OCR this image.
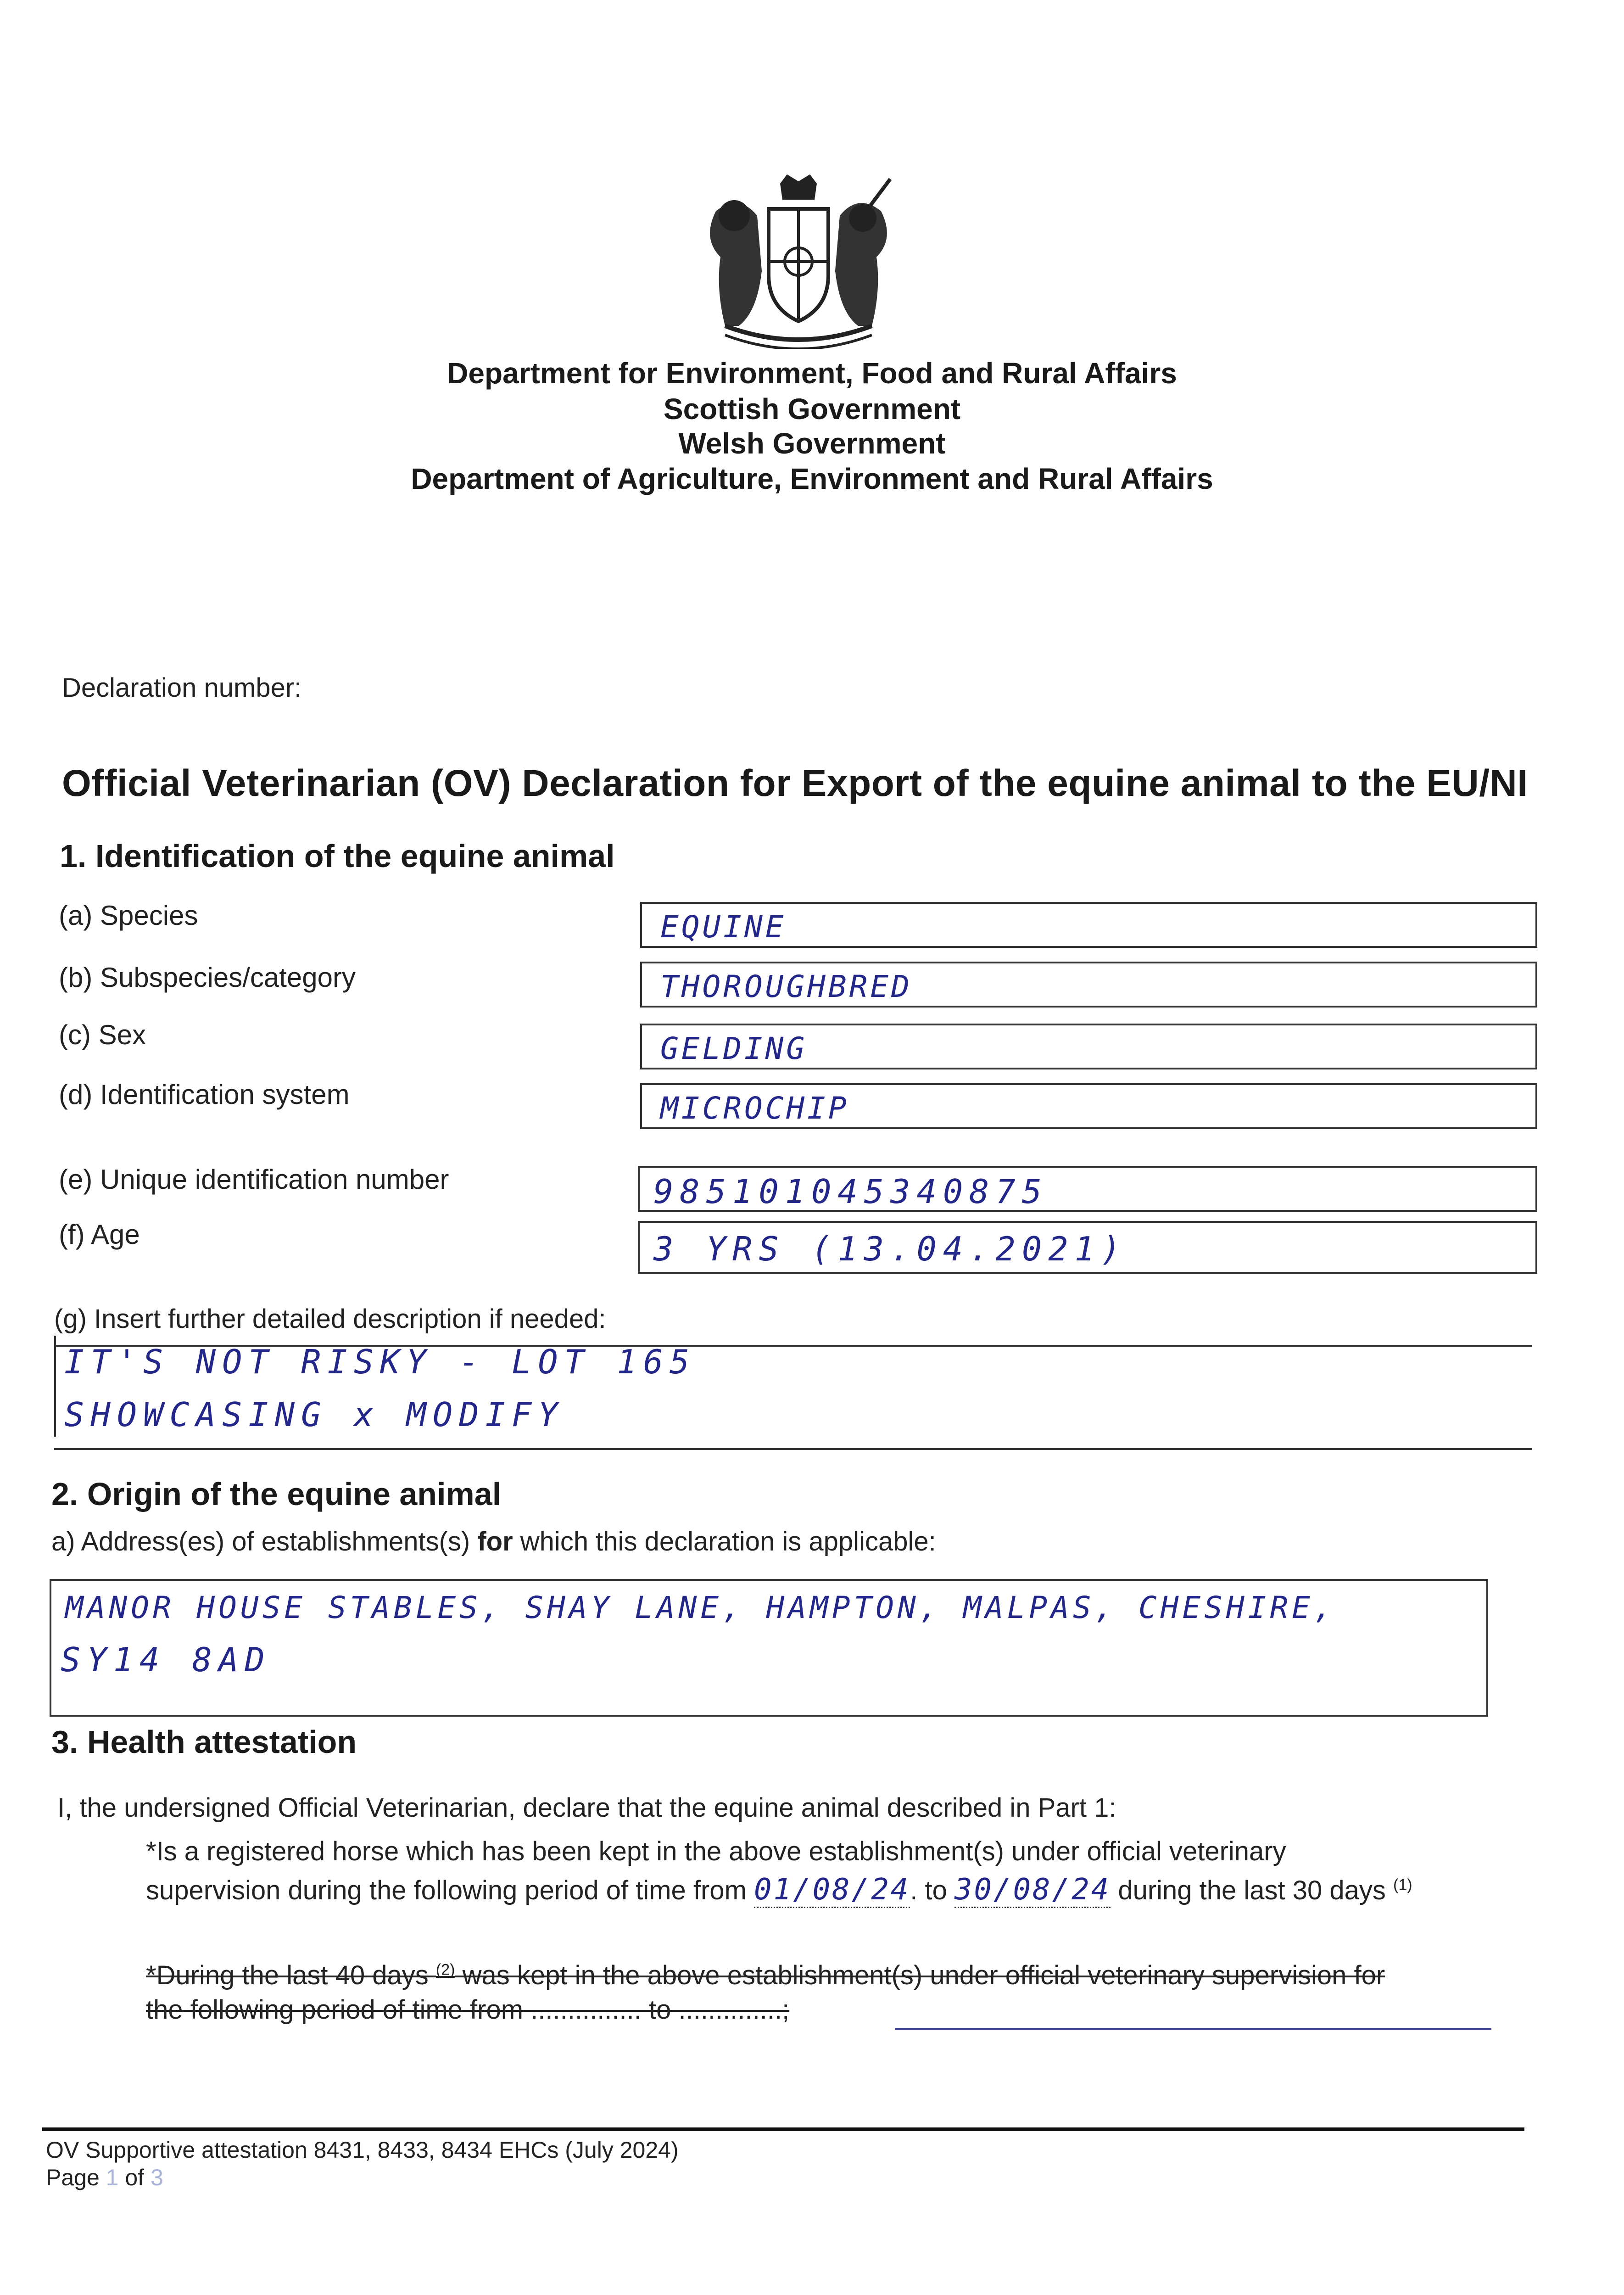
Department for Environment, Food and Rural Affairs
Scottish Government
Welsh Government
Department of Agriculture, Environment and Rural Affairs
Declaration number:
Official Veterinarian (OV) Declaration for Export of the equine animal to the EU/NI
1. Identification of the equine animal
(a) Species	EQUINE
(b) Subspecies/category	THOROUGHBRED
(c) Sex	GELDING
(d) Identification system	MICROCHIP
(e) Unique identification number	985101045340875
(f) Age	3 YRS (13.04.2021)
(g) Insert further detailed description if needed:
IT'S NOT RISKY - LOT 165
SHOWCASING x MODIFY
2. Origin of the equine animal
a) Address(es) of establishments(s) for which this declaration is applicable:
MANOR HOUSE STABLES, SHAY LANE, HAMPTON, MALPAS, CHESHIRE,
SY14 8AD
3. Health attestation
I, the undersigned Official Veterinarian, declare that the equine animal described in Part 1:
*Is a registered horse which has been kept in the above establishment(s) under official veterinary
supervision during the following period of time from 01/08/24. to 30/08/24 during the last 30 days $^{(1)}$
*During the last 40 days $^{(2)}$ was kept in the above establishment(s) under official veterinary supervision for
the following period of time from ............... to ..............;
OV Supportive attestation 8431, 8433, 8434 EHCs (July 2024)
Page 1 of 3
